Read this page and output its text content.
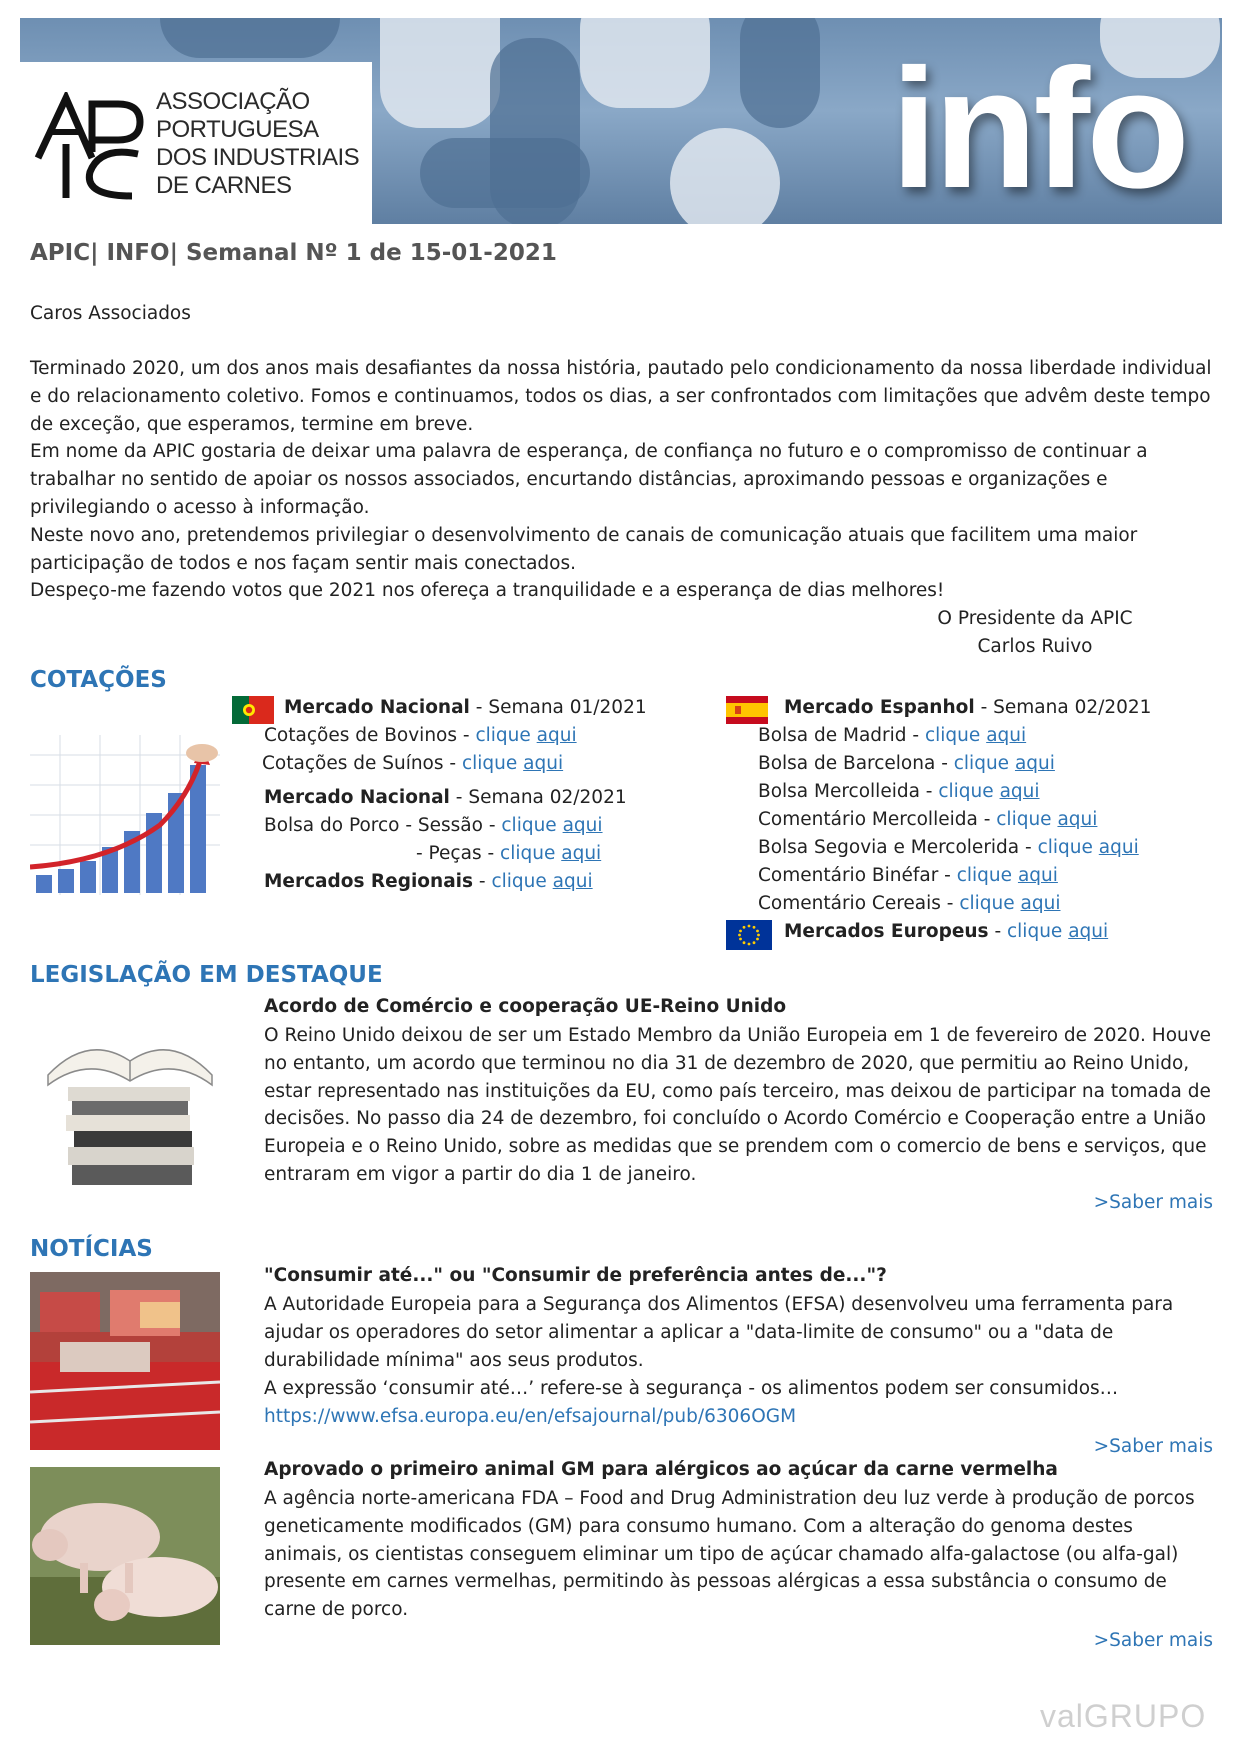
info
ASSOCIAÇÃO
PORTUGUESA
DOS INDUSTRIAIS
DE CARNES
APIC| INFO| Semanal Nº 1 de 15-01-2021
Caros Associados

Terminado 2020, um dos anos mais desafiantes da nossa história, pautado pelo condicionamento da nossa liberdade individual e do relacionamento coletivo. Fomos e continuamos, todos os dias, a ser confrontados com limitações que advêm deste tempo de exceção, que esperamos, termine em breve.

Em nome da APIC gostaria de deixar uma palavra de esperança, de confiança no futuro e o compromisso de continuar a trabalhar no sentido de apoiar os nossos associados, encurtando distâncias, aproximando pessoas e organizações e privilegiando o acesso à informação.

Neste novo ano, pretendemos privilegiar o desenvolvimento de canais de comunicação atuais que facilitem uma maior participação de todos e nos façam sentir mais conectados.

Despeço-me fazendo votos que 2021 nos ofereça a tranquilidade e a esperança de dias melhores!

O Presidente da APIC
Carlos Ruivo
COTAÇÕES
Mercado Nacional - Semana 01/2021
Cotações de Bovinos - clique aqui
Cotações de Suínos - clique aqui
Mercado Nacional - Semana 02/2021
Bolsa do Porco - Sessão - clique aqui
- Peças - clique aqui
Mercados Regionais - clique aqui
Mercado Espanhol - Semana 02/2021
Bolsa de Madrid - clique aqui
Bolsa de Barcelona - clique aqui
Bolsa Mercolleida - clique aqui
Comentário Mercolleida - clique aqui
Bolsa Segovia e Mercolerida - clique aqui
Comentário Binéfar - clique aqui
Comentário Cereais - clique aqui
Mercados Europeus - clique aqui
LEGISLAÇÃO EM DESTAQUE
Acordo de Comércio e cooperação UE-Reino Unido

O Reino Unido deixou de ser um Estado Membro da União Europeia em 1 de fevereiro de 2020. Houve no entanto, um acordo que terminou no dia 31 de dezembro de 2020, que permitiu ao Reino Unido, estar representado nas instituições da EU, como país terceiro, mas deixou de participar na tomada de decisões. No passo dia 24 de dezembro, foi concluído o Acordo Comércio e Cooperação entre a União Europeia e o Reino Unido, sobre as medidas que se prendem com o comercio de bens e serviços, que entraram em vigor a partir do dia 1 de janeiro.

>Saber mais
NOTÍCIAS
"Consumir até..." ou "Consumir de preferência antes de..."?

A Autoridade Europeia para a Segurança dos Alimentos (EFSA) desenvolveu uma ferramenta para ajudar os operadores do setor alimentar a aplicar a "data-limite de consumo" ou a "data de durabilidade mínima" aos seus produtos.

A expressão ‘consumir até…’ refere-se à segurança - os alimentos podem ser consumidos…

https://www.efsa.europa.eu/en/efsajournal/pub/6306OGM
>Saber mais
Aprovado o primeiro animal GM para alérgicos ao açúcar da carne vermelha

A agência norte-americana FDA – Food and Drug Administration deu luz verde à produção de porcos geneticamente modificados (GM) para consumo humano. Com a alteração do genoma destes animais, os cientistas conseguem eliminar um tipo de açúcar chamado alfa-galactose (ou alfa-gal) presente em carnes vermelhas, permitindo às pessoas alérgicas a essa substância o consumo de carne de porco.

>Saber mais
valGRUPO
